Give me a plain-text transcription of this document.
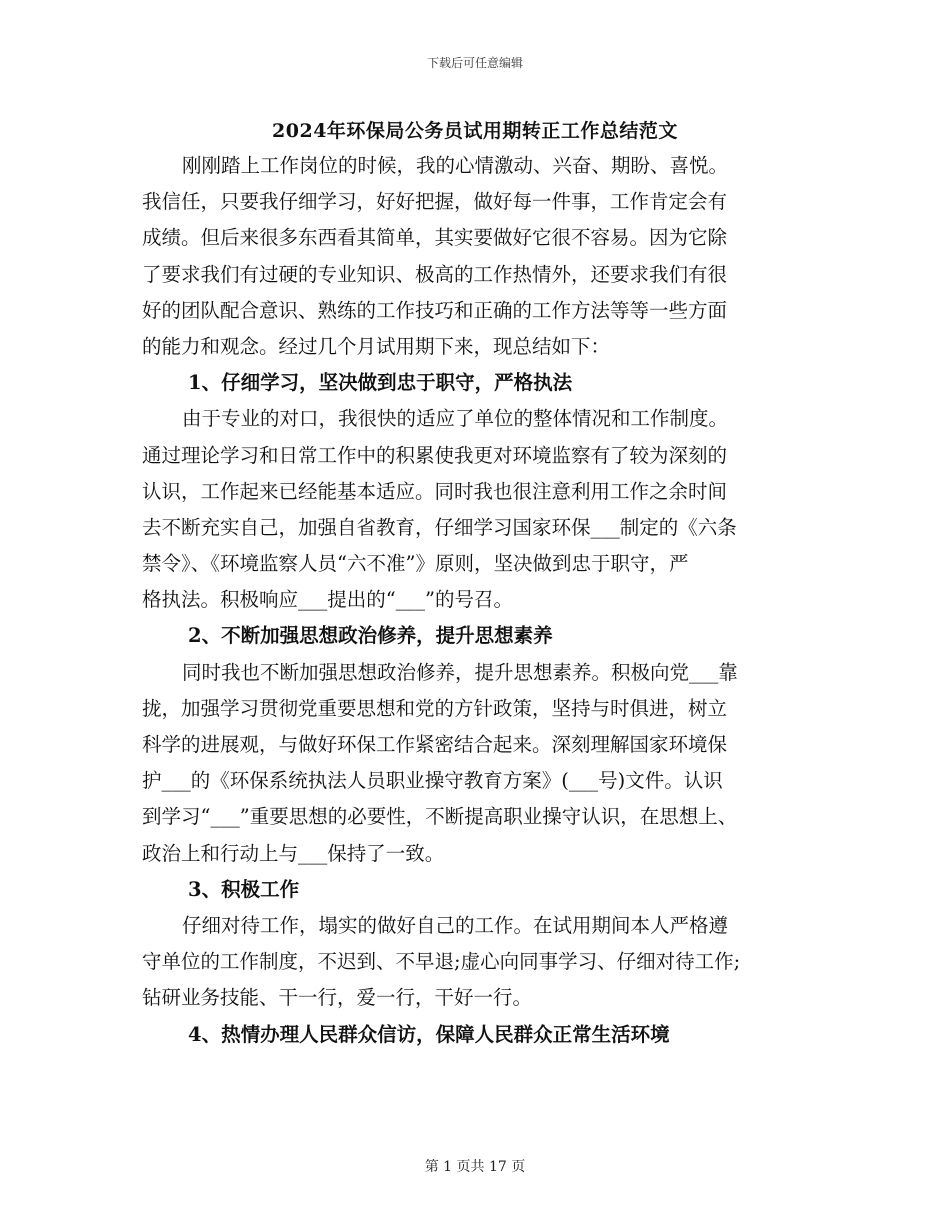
下载后可任意编辑
2024年环保局公务员试用期转正工作总结范文
刚刚踏上工作岗位的时候，我的心情激动、兴奋、期盼、喜悦。
我信任，只要我仔细学习，好好把握，做好每一件事，工作肯定会有
成绩。但后来很多东西看其简单，其实要做好它很不容易。因为它除
了要求我们有过硬的专业知识、极高的工作热情外，还要求我们有很
好的团队配合意识、熟练的工作技巧和正确的工作方法等等一些方面
的能力和观念。经过几个月试用期下来，现总结如下：
1、仔细学习，坚决做到忠于职守，严格执法
由于专业的对口，我很快的适应了单位的整体情况和工作制度。
通过理论学习和日常工作中的积累使我更对环境监察有了较为深刻的
认识，工作起来已经能基本适应。同时我也很注意利用工作之余时间
去不断充实自己，加强自省教育，仔细学习国家环保___制定的《六条
禁令》、《环境监察人员“六不准”》原则，坚决做到忠于职守，严
格执法。积极响应___提出的“___”的号召。
2、不断加强思想政治修养，提升思想素养
同时我也不断加强思想政治修养，提升思想素养。积极向党___靠
拢，加强学习贯彻党重要思想和党的方针政策，坚持与时俱进，树立
科学的进展观，与做好环保工作紧密结合起来。深刻理解国家环境保
护___的《环保系统执法人员职业操守教育方案》(___号)文件。认识
到学习“___”重要思想的必要性，不断提高职业操守认识，在思想上、
政治上和行动上与___保持了一致。
3、积极工作
仔细对待工作，塌实的做好自己的工作。在试用期间本人严格遵
守单位的工作制度，不迟到、不早退;虚心向同事学习、仔细对待工作;
钻研业务技能、干一行，爱一行，干好一行。
4、热情办理人民群众信访，保障人民群众正常生活环境
第 1 页共 17 页
